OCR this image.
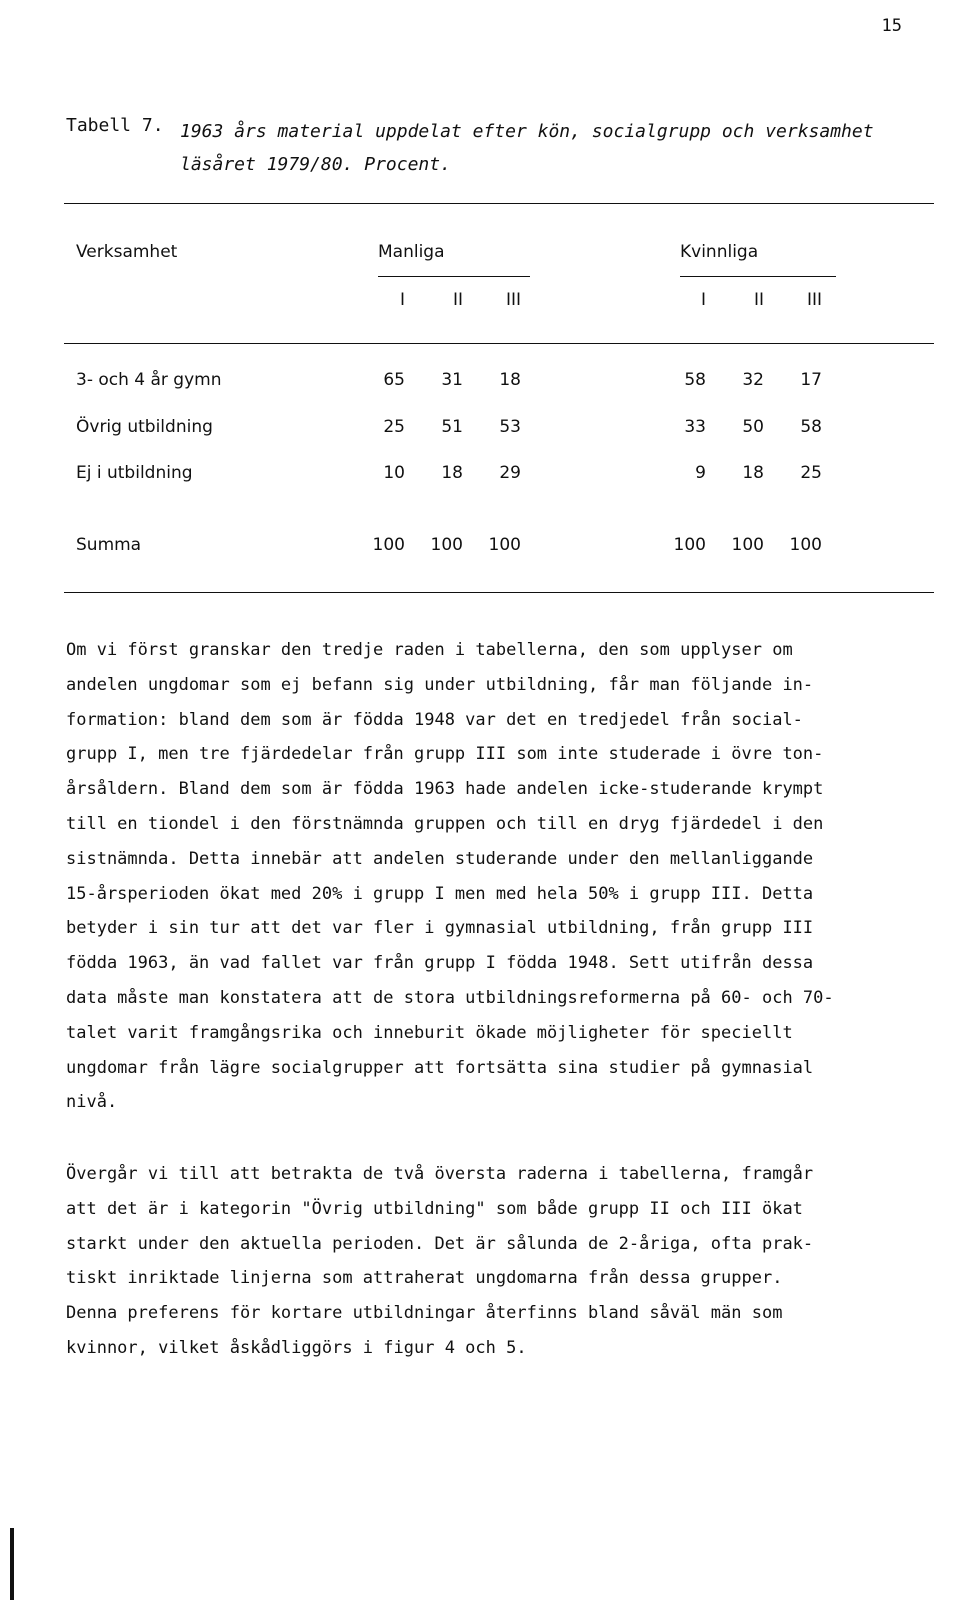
15
Tabell 7. 1963 års material uppdelat efter kön, socialgrupp och verksamhet
läsåret 1979/80. Procent.
Verksamhet	Manliga	Kvinnliga
I	II	III	I	II	III
3- och 4 år gymn	65	31	18	58	32	17
Övrig utbildning	25	51	53	33	50	58
Ej i utbildning	10	18	29	9	18	25
Summa	100	100	100	100	100	100
Om vi först granskar den tredje raden i tabellerna, den som upplyser om
andelen ungdomar som ej befann sig under utbildning, får man följande in-
formation: bland dem som är födda 1948 var det en tredjedel från social-
grupp I, men tre fjärdedelar från grupp III som inte studerade i övre ton-
årsåldern. Bland dem som är födda 1963 hade andelen icke-studerande krympt
till en tiondel i den förstnämnda gruppen och till en dryg fjärdedel i den
sistnämnda. Detta innebär att andelen studerande under den mellanliggande
15-årsperioden ökat med 20% i grupp I men med hela 50% i grupp III. Detta
betyder i sin tur att det var fler i gymnasial utbildning, från grupp III
födda 1963, än vad fallet var från grupp I födda 1948. Sett utifrån dessa
data måste man konstatera att de stora utbildningsreformerna på 60- och 70-
talet varit framgångsrika och inneburit ökade möjligheter för speciellt
ungdomar från lägre socialgrupper att fortsätta sina studier på gymnasial
nivå.
Övergår vi till att betrakta de två översta raderna i tabellerna, framgår
att det är i kategorin "Övrig utbildning" som både grupp II och III ökat
starkt under den aktuella perioden. Det är sålunda de 2-åriga, ofta prak-
tiskt inriktade linjerna som attraherat ungdomarna från dessa grupper.
Denna preferens för kortare utbildningar återfinns bland såväl män som
kvinnor, vilket åskådliggörs i figur 4 och 5.
